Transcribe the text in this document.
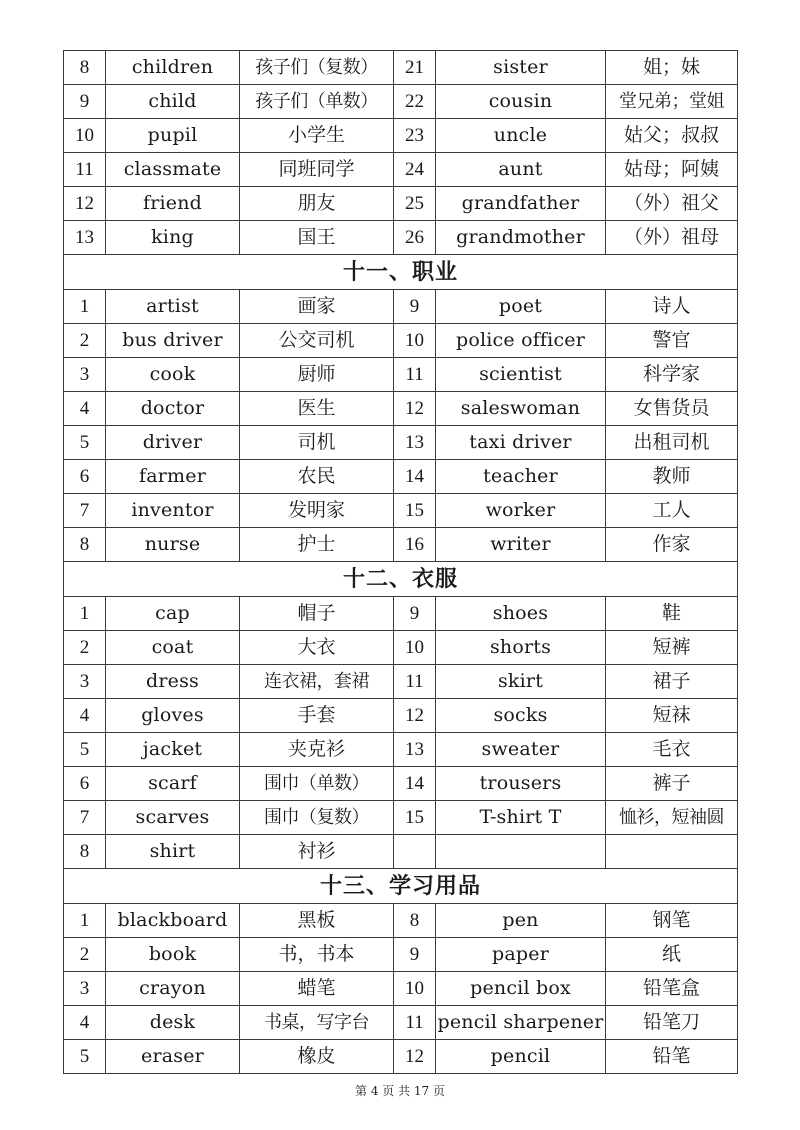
8	children	孩子们（复数）	21	sister	姐；妹
9	child	孩子们（单数）	22	cousin	堂兄弟；堂姐
10	pupil	小学生	23	uncle	姑父；叔叔
11	classmate	同班同学	24	aunt	姑母；阿姨
12	friend	朋友	25	grandfather	（外）祖父
13	king	国王	26	grandmother	（外）祖母
十一、职业					
1	artist	画家	9	poet	诗人
2	bus driver	公交司机	10	police officer	警官
3	cook	厨师	11	scientist	科学家
4	doctor	医生	12	saleswoman	女售货员
5	driver	司机	13	taxi driver	出租司机
6	farmer	农民	14	teacher	教师
7	inventor	发明家	15	worker	工人
8	nurse	护士	16	writer	作家
十二、衣服					
1	cap	帽子	9	shoes	鞋
2	coat	大衣	10	shorts	短裤
3	dress	连衣裙，套裙	11	skirt	裙子
4	gloves	手套	12	socks	短袜
5	jacket	夹克衫	13	sweater	毛衣
6	scarf	围巾（单数）	14	trousers	裤子
7	scarves	围巾（复数）	15	T-shirt T	恤衫，短袖圆
8	shirt	衬衫			
十三、学习用品					
1	blackboard	黑板	8	pen	钢笔
2	book	书，书本	9	paper	纸
3	crayon	蜡笔	10	pencil box	铅笔盒
4	desk	书桌，写字台	11	pencil sharpener	铅笔刀
5	eraser	橡皮	12	pencil	铅笔
第 4 页 共 17 页
